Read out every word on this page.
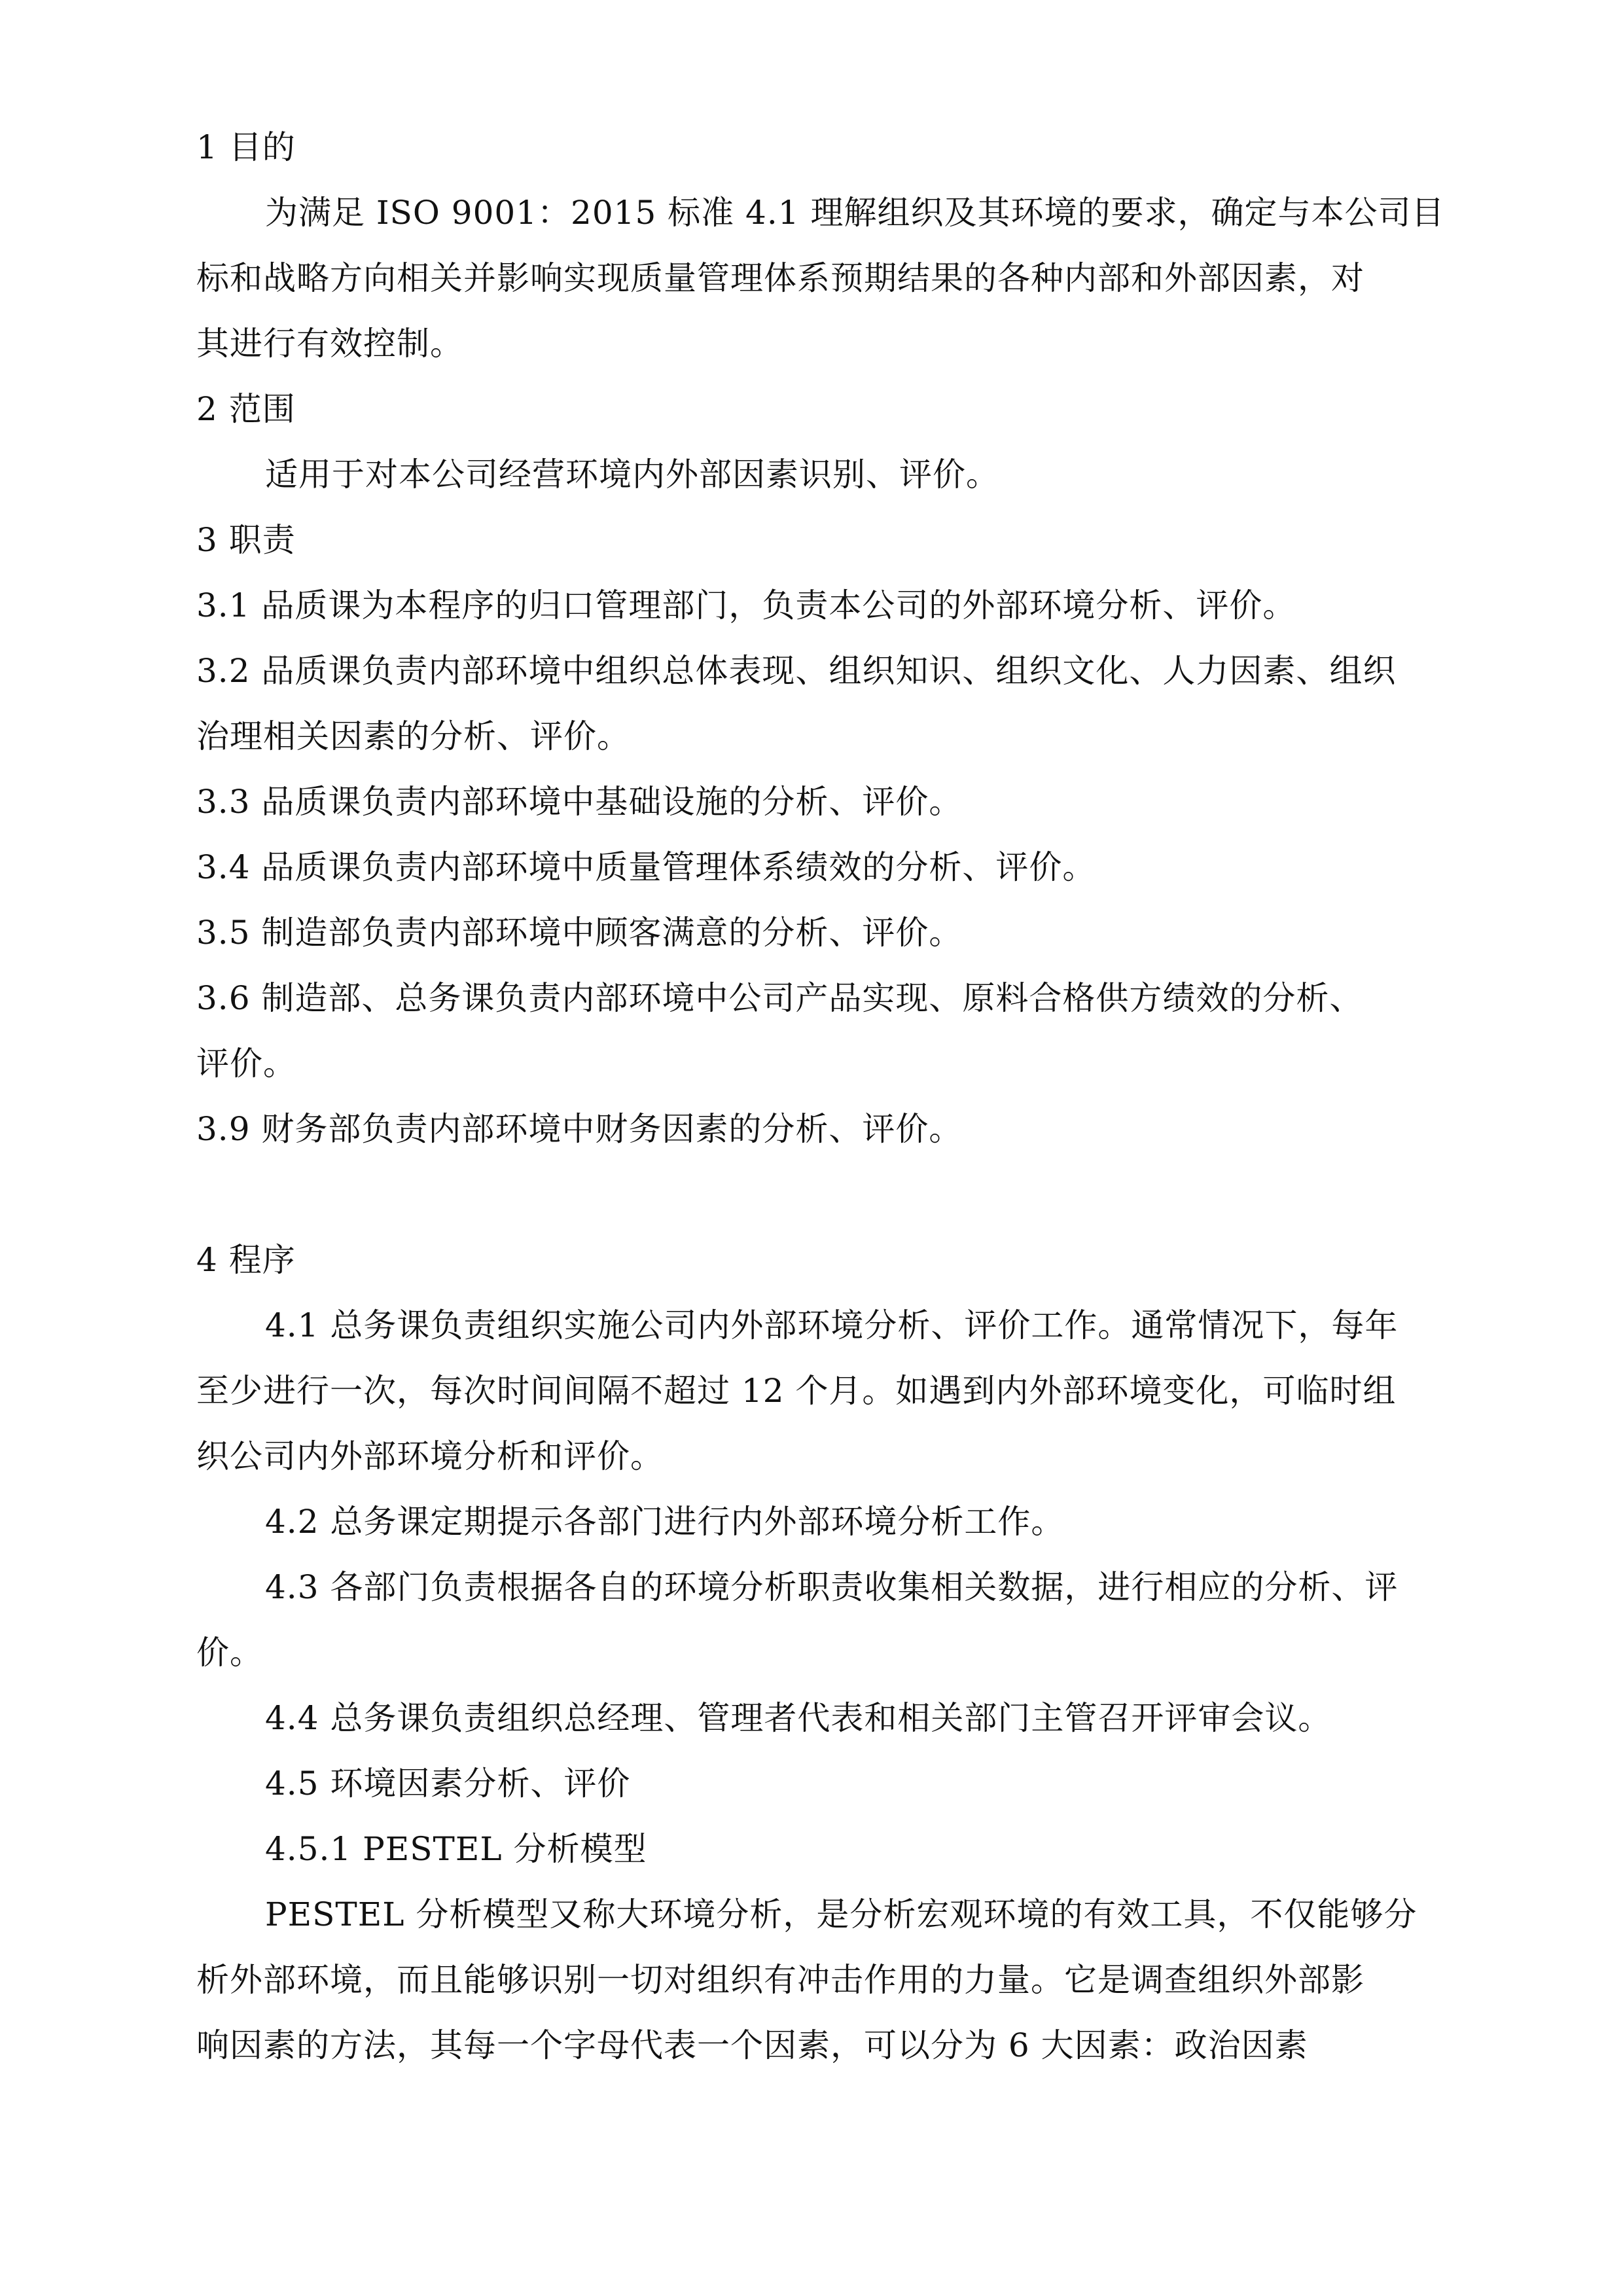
1 目的
为满足 ISO 9001：2015 标准 4.1 理解组织及其环境的要求，确定与本公司目
标和战略方向相关并影响实现质量管理体系预期结果的各种内部和外部因素，对
其进行有效控制。
2 范围
适用于对本公司经营环境内外部因素识别、评价。
3 职责
3.1 品质课为本程序的归口管理部门，负责本公司的外部环境分析、评价。
3.2 品质课负责内部环境中组织总体表现、组织知识、组织文化、人力因素、组织
治理相关因素的分析、评价。
3.3 品质课负责内部环境中基础设施的分析、评价。
3.4 品质课负责内部环境中质量管理体系绩效的分析、评价。
3.5 制造部负责内部环境中顾客满意的分析、评价。
3.6 制造部、总务课负责内部环境中公司产品实现、原料合格供方绩效的分析、
评价。
3.9 财务部负责内部环境中财务因素的分析、评价。
4 程序
4.1 总务课负责组织实施公司内外部环境分析、评价工作。通常情况下，每年
至少进行一次，每次时间间隔不超过 12 个月。如遇到内外部环境变化，可临时组
织公司内外部环境分析和评价。
4.2 总务课定期提示各部门进行内外部环境分析工作。
4.3 各部门负责根据各自的环境分析职责收集相关数据，进行相应的分析、评
价。
4.4 总务课负责组织总经理、管理者代表和相关部门主管召开评审会议。
4.5 环境因素分析、评价
4.5.1 PESTEL 分析模型
PESTEL 分析模型又称大环境分析，是分析宏观环境的有效工具，不仅能够分
析外部环境，而且能够识别一切对组织有冲击作用的力量。它是调查组织外部影
响因素的方法，其每一个字母代表一个因素，可以分为 6 大因素：政治因素
